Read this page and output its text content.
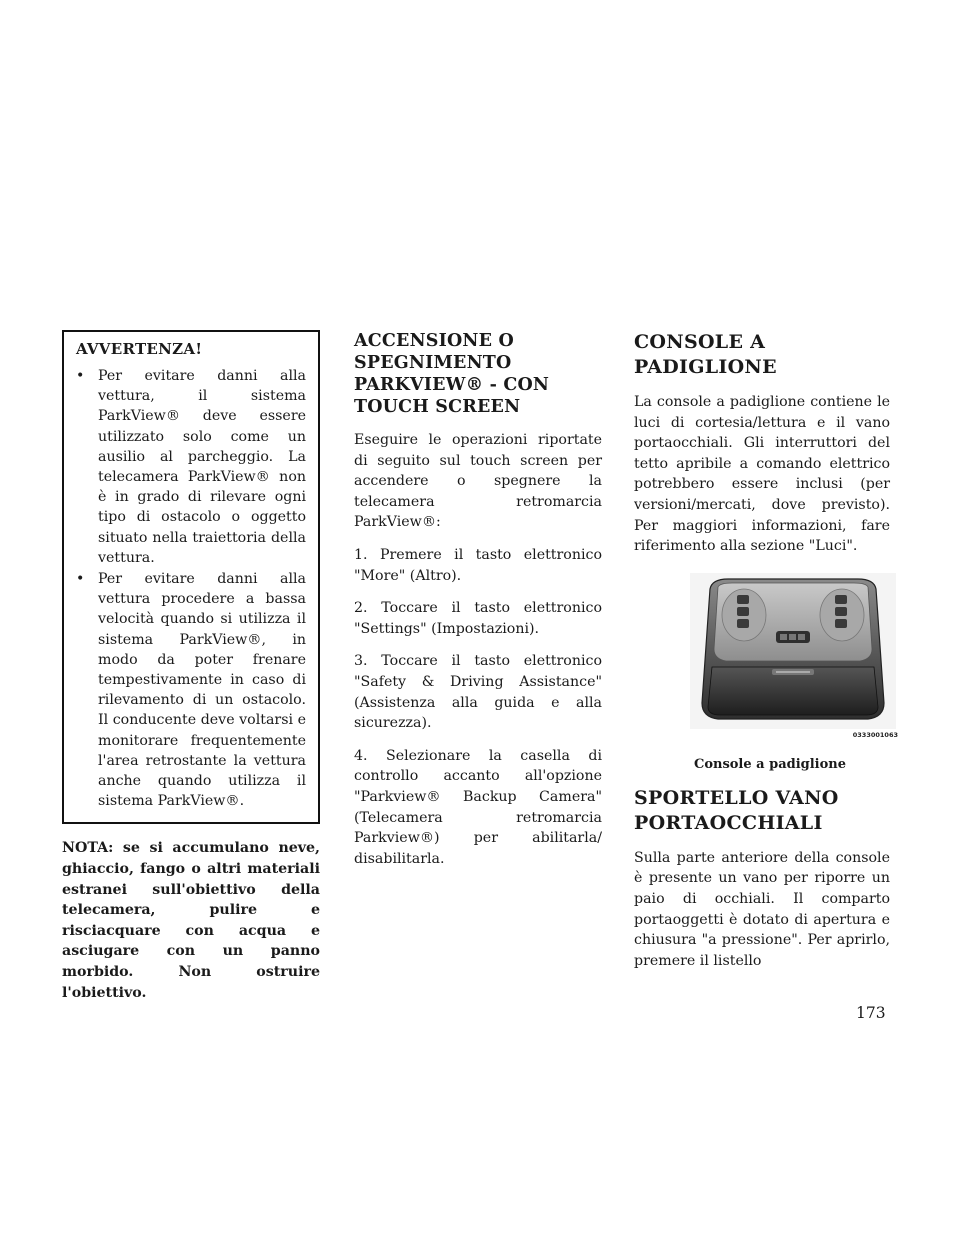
AVVERTENZA!
• Per evitare danni alla vettura, il sistema ParkView® deve essere utilizzato solo come un ausilio al parcheggio. La telecamera ParkView® non è in grado di rilevare ogni tipo di ostacolo o oggetto situato nella traiettoria della vettura.
• Per evitare danni alla vettura procedere a bassa velocità quando si utilizza il sistema ParkView®, in modo da poter frenare tempestivamente in caso di rilevamento di un ostacolo. Il conducente deve voltarsi e monitorare frequentemente l'area retrostante la vettura anche quando utilizza il sistema ParkView®.
NOTA: se si accumulano neve, ghiaccio, fango o altri materiali estranei sull'obiettivo della telecamera, pulire e risciacquare con acqua e asciugare con un panno morbido. Non ostruire l'obiettivo.
ACCENSIONE O SPEGNIMENTO PARKVIEW® - CON TOUCH SCREEN

Eseguire le operazioni riportate di seguito sul touch screen per accendere o spegnere la telecamera retromarcia ParkView®:

1. Premere il tasto elettronico "More" (Altro).

2. Toccare il tasto elettronico "Settings" (Impostazioni).

3. Toccare il tasto elettronico "Safety & Driving Assistance" (Assistenza alla guida e alla sicurezza).

4. Selezionare la casella di controllo accanto all'opzione "Parkview® Backup Camera" (Telecamera retromarcia Parkview®) per abilitarla/ disabilitarla.

CONSOLE A PADIGLIONE

La console a padiglione contiene le luci di cortesia/lettura e il vano portaocchiali. Gli interruttori del tetto apribile a comando elettrico potrebbero essere inclusi (per versioni/mercati, dove previsto). Per maggiori informazioni, fare riferimento alla sezione "Luci".

0333001063
Console a padiglione
SPORTELLO VANO PORTAOCCHIALI

Sulla parte anteriore della console è presente un vano per riporre un paio di occhiali. Il comparto portaoggetti è dotato di apertura e chiusura "a pressione". Per aprirlo, premere il listello

173
